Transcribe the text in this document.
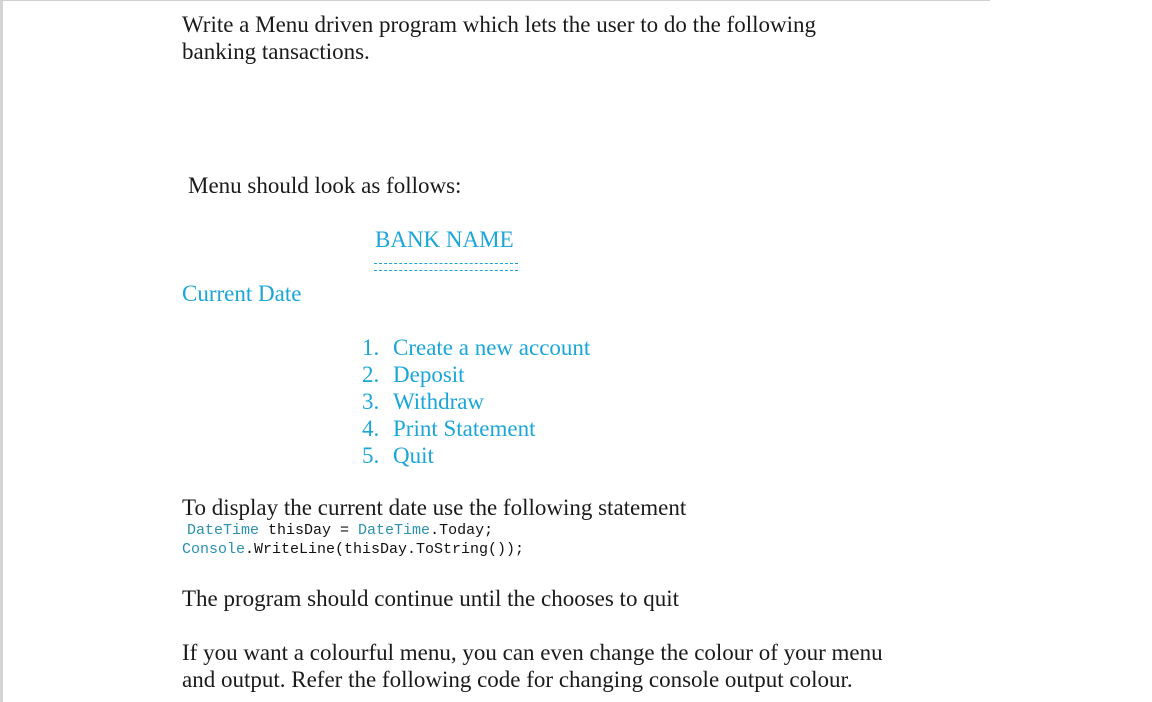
Write a Menu driven program which lets the user to do the following
banking tansactions.
Menu should look as follows:
BANK NAME
Current Date
1. Create a new account
2. Deposit
3. Withdraw
4. Print Statement
5. Quit
To display the current date use the following statement
DateTime thisDay = DateTime.Today;
Console.WriteLine(thisDay.ToString());
The program should continue until the chooses to quit
If you want a colourful menu, you can even change the colour of your menu
and output. Refer the following code for changing console output colour.
